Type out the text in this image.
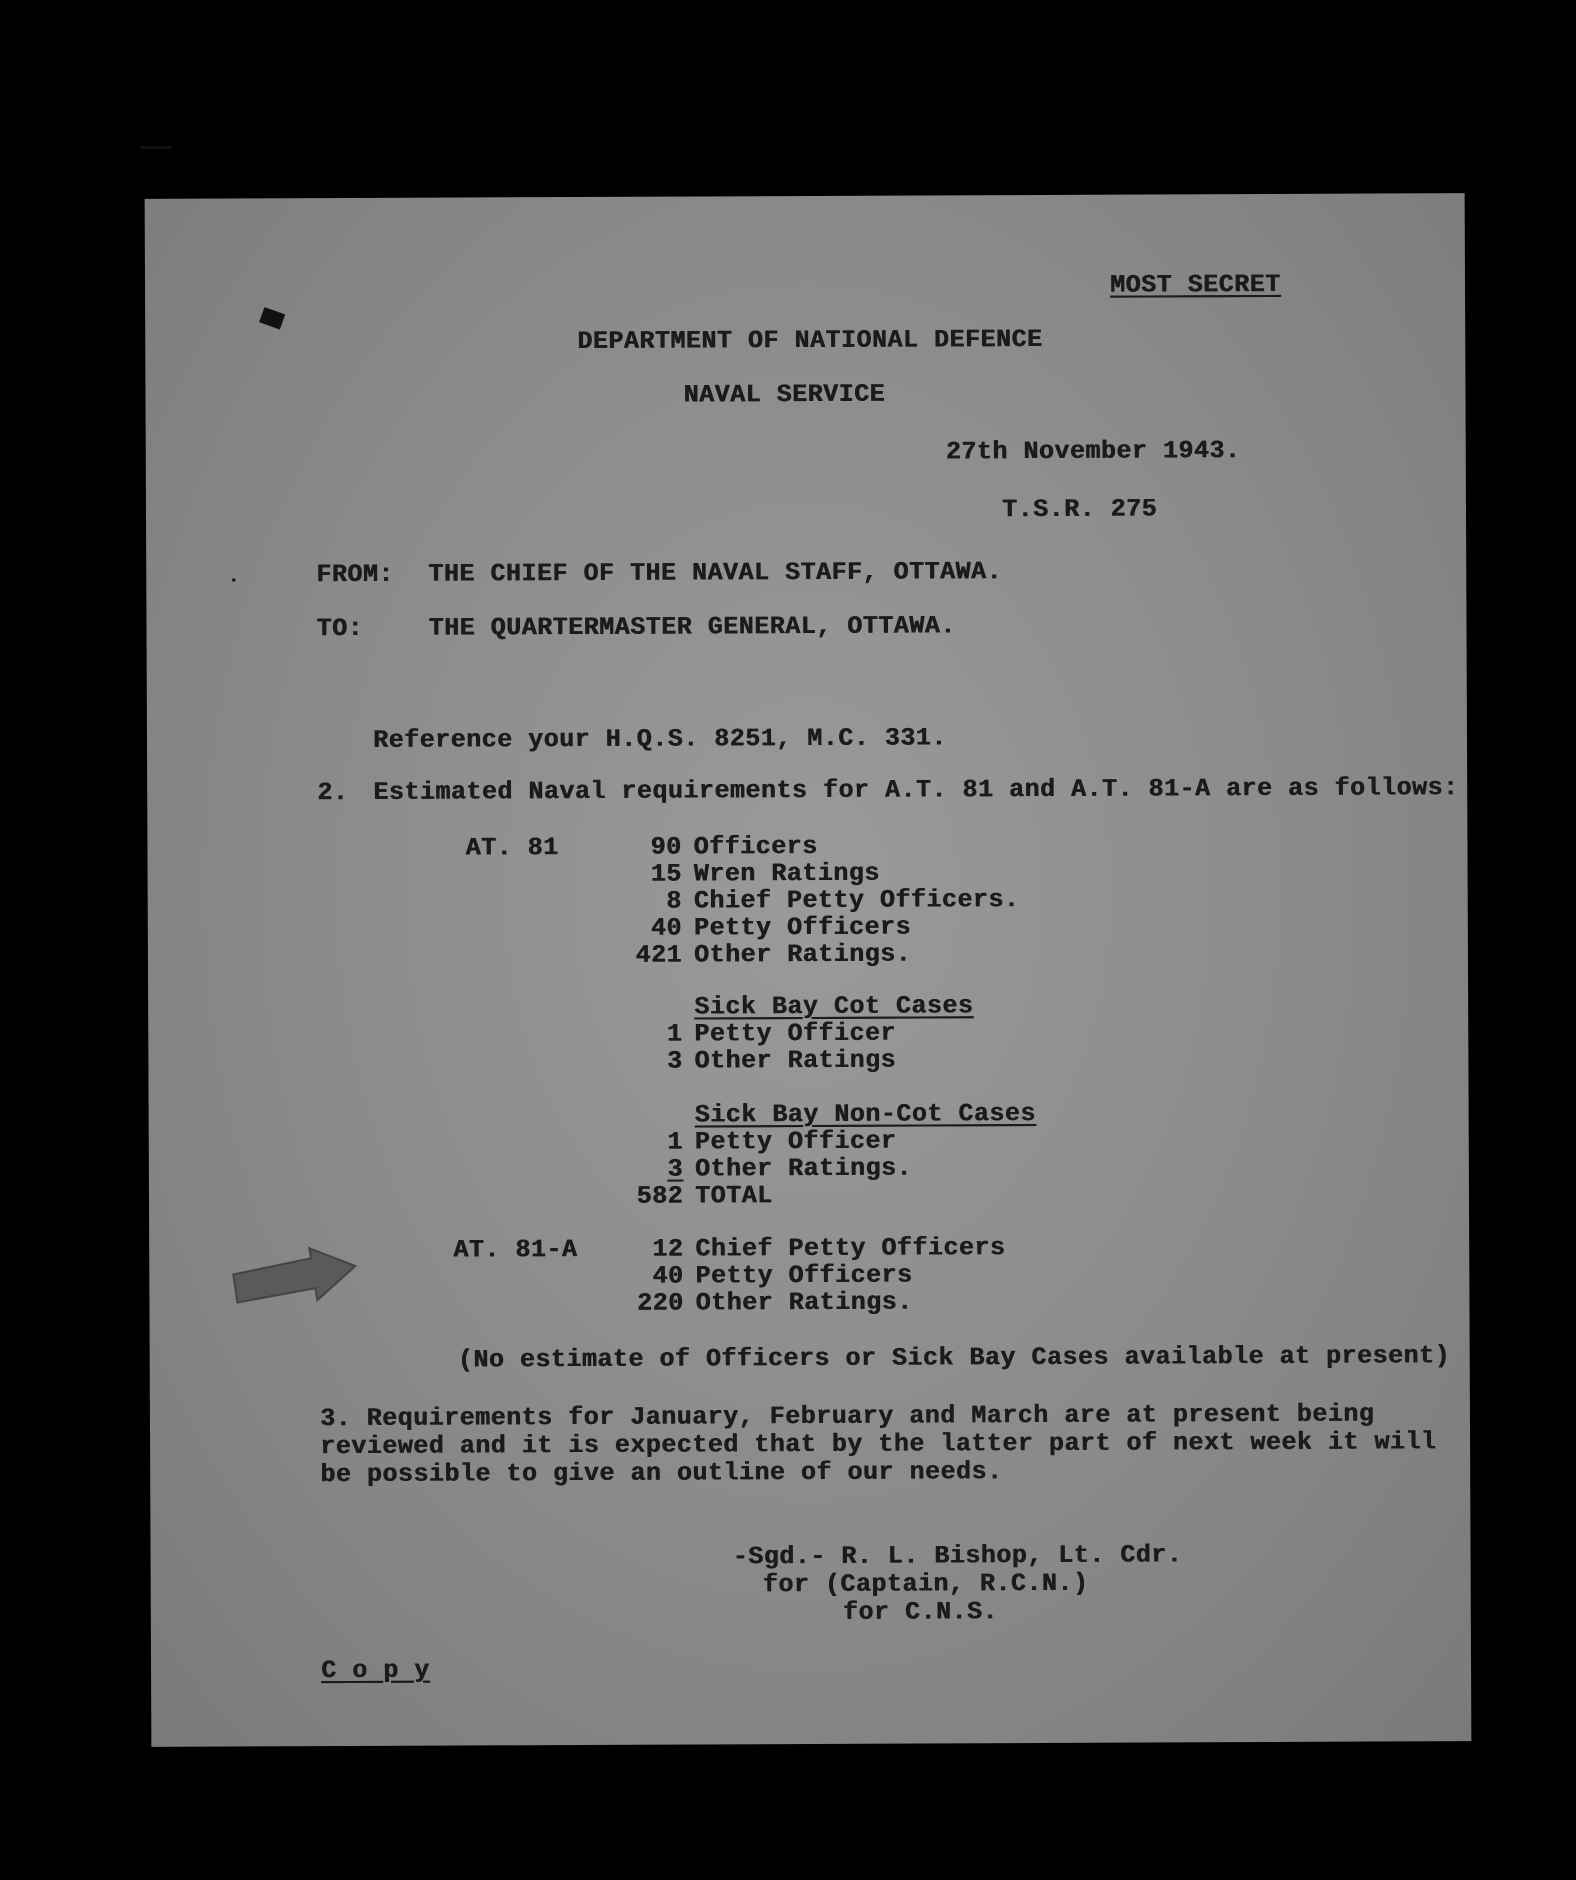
MOST SECRET
DEPARTMENT OF NATIONAL DEFENCE
NAVAL SERVICE
27th November 1943.
T.S.R. 275
FROM: THE CHIEF OF THE NAVAL STAFF, OTTAWA.
TO:	THE QUARTERMASTER GENERAL, OTTAWA.
Reference your H.Q.S. 8251, M.C. 331.
2. Estimated Naval requirements for A.T. 81 and A.T. 81-A are as follows:
AT. 81	90 Officers
15 Wren Ratings
8 Chief Petty Officers.
40 Petty Officers
421 Other Ratings.
Sick Bay Cot Cases
1 Petty Officer
3 Other Ratings
Sick Bay Non-Cot Cases
1 Petty Officer
3 Other Ratings.
582 TOTAL
AT. 81-A	12 Chief Petty Officers
40 Petty Officers
220 Other Ratings.
(No estimate of Officers or Sick Bay Cases available at present)
3. Requirements for January, February and March are at present being
reviewed and it is expected that by the latter part of next week it will
be possible to give an outline of our needs.
-Sgd.- R. L. Bishop, Lt. Cdr.
for (Captain, R.C.N.)
for C.N.S.
C o p y
